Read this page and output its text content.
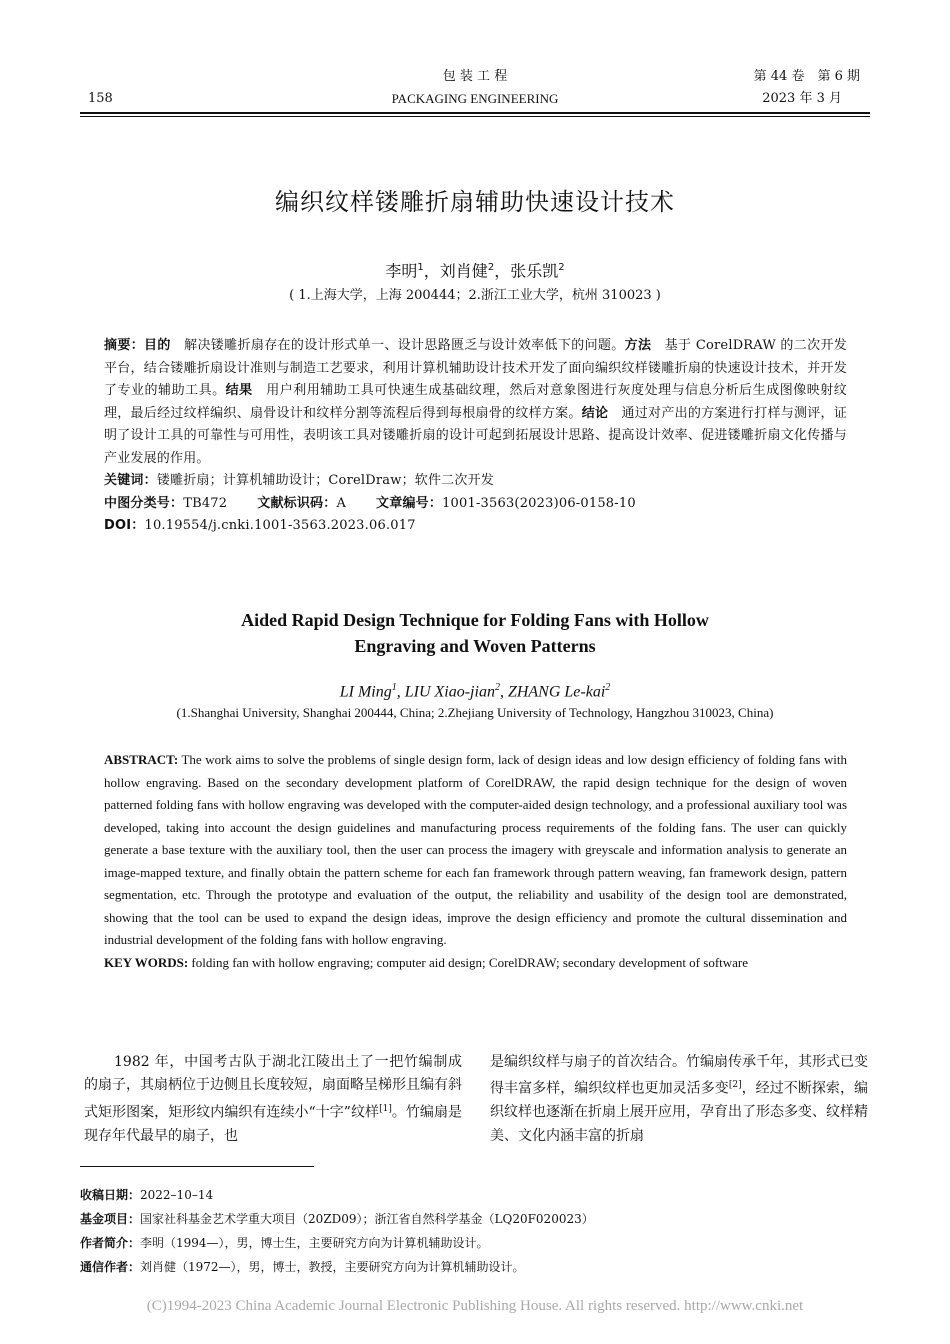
包 装 工 程	第 44 卷　第 6 期
158	PACKAGING ENGINEERING	2023 年 3 月
编织纹样镂雕折扇辅助快速设计技术
李明$^1$，刘肖健$^2$，张乐凯$^2$
( 1.上海大学，上海 200444；2.浙江工业大学，杭州 310023 )
摘要：目的　 解决镂雕折扇存在的设计形式单一、设计思路匮乏与设计效率低下的问题。方法　 基于 CorelDRAW 的二次开发平台，结合镂雕折扇设计准则与制造工艺要求，利用计算机辅助设计技术开发了面向编织纹样镂雕折扇的快速设计技术，并开发了专业的辅助工具。结果　 用户利用辅助工具可快速生成基础纹理，然后对意象图进行灰度处理与信息分析后生成图像映射纹理，最后经过纹样编织、扇骨设计和纹样分割等流程后得到每根扇骨的纹样方案。结论　 通过对产出的方案进行打样与测评，证明了设计工具的可靠性与可用性，表明该工具对镂雕折扇的设计可起到拓展设计思路、提高设计效率、促进镂雕折扇文化传播与产业发展的作用。
关键词：镂雕折扇；计算机辅助设计；CorelDraw；软件二次开发
中图分类号：TB472 文献标识码：A 文章编号：1001-3563(2023)06-0158-10
DOI：10.19554/j.cnki.1001-3563.2023.06.017
Aided Rapid Design Technique for Folding Fans with Hollow
Engraving and Woven Patterns
LI Ming$^1$, LIU Xiao-jian$^2$, ZHANG Le-kai$^2$
(1.Shanghai University, Shanghai 200444, China; 2.Zhejiang University of Technology, Hangzhou 310023, China)
ABSTRACT: The work aims to solve the problems of single design form, lack of design ideas and low design efficiency of folding fans with hollow engraving. Based on the secondary development platform of CorelDRAW, the rapid design technique for the design of woven patterned folding fans with hollow engraving was developed with the computer-aided design technology, and a professional auxiliary tool was developed, taking into account the design guidelines and manufacturing process requirements of the folding fans. The user can quickly generate a base texture with the auxiliary tool, then the user can process the imagery with greyscale and information analysis to generate an image-mapped texture, and finally obtain the pattern scheme for each fan framework through pattern weaving, fan framework design, pattern segmentation, etc. Through the prototype and evaluation of the output, the reliability and usability of the design tool are demonstrated, showing that the tool can be used to expand the design ideas, improve the design efficiency and promote the cultural dissemination and industrial development of the folding fans with hollow engraving.
KEY WORDS: folding fan with hollow engraving; computer aid design; CorelDRAW; secondary development of software
1982 年，中国考古队于湖北江陵出土了一把竹编制成的扇子，其扇柄位于边侧且长度较短，扇面略呈梯形且编有斜式矩形图案，矩形纹内编织有连续小“十字”纹样[1]。竹编扇是现存年代最早的扇子，也
是编织纹样与扇子的首次结合。竹编扇传承千年，其形式已变得丰富多样，编织纹样也更加灵活多变[2]，经过不断探索，编织纹样也逐渐在折扇上展开应用，孕育出了形态多变、纹样精美、文化内涵丰富的折扇
收稿日期：2022–10–14
基金项目：国家社科基金艺术学重大项目（20ZD09）；浙江省自然科学基金（LQ20F020023）
作者简介：李明（1994—），男，博士生，主要研究方向为计算机辅助设计。
通信作者：刘肖健（1972—），男，博士，教授，主要研究方向为计算机辅助设计。
(C)1994-2023 China Academic Journal Electronic Publishing House. All rights reserved. http://www.cnki.net
